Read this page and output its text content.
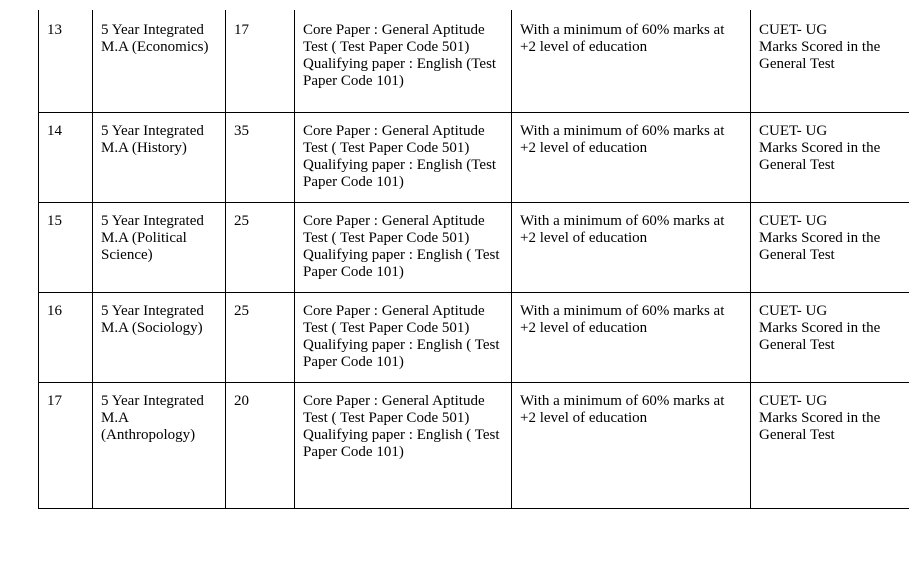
13	5 Year Integrated
M.A (Economics)	17	Core Paper : General Aptitude
Test ( Test Paper Code 501)
Qualifying paper : English (Test
Paper Code 101)	With a minimum of 60% marks at
+2 level of education	CUET- UG
Marks Scored in the
General Test

14	5 Year Integrated
M.A (History)	35	Core Paper : General Aptitude
Test ( Test Paper Code 501)
Qualifying paper : English (Test
Paper Code 101)	With a minimum of 60% marks at
+2 level of education	CUET- UG
Marks Scored in the
General Test

15	5 Year Integrated
M.A (Political
Science)	25	Core Paper : General Aptitude
Test ( Test Paper Code 501)
Qualifying paper : English ( Test
Paper Code 101)	With a minimum of 60% marks at
+2 level of education	CUET- UG
Marks Scored in the
General Test

16	5 Year Integrated
M.A (Sociology)	25	Core Paper : General Aptitude
Test ( Test Paper Code 501)
Qualifying paper : English ( Test
Paper Code 101)	With a minimum of 60% marks at
+2 level of education	CUET- UG
Marks Scored in the
General Test

17	5 Year Integrated
M.A
(Anthropology)	20	Core Paper : General Aptitude
Test ( Test Paper Code 501)
Qualifying paper : English ( Test
Paper Code 101)	With a minimum of 60% marks at
+2 level of education	CUET- UG
Marks Scored in the
General Test
